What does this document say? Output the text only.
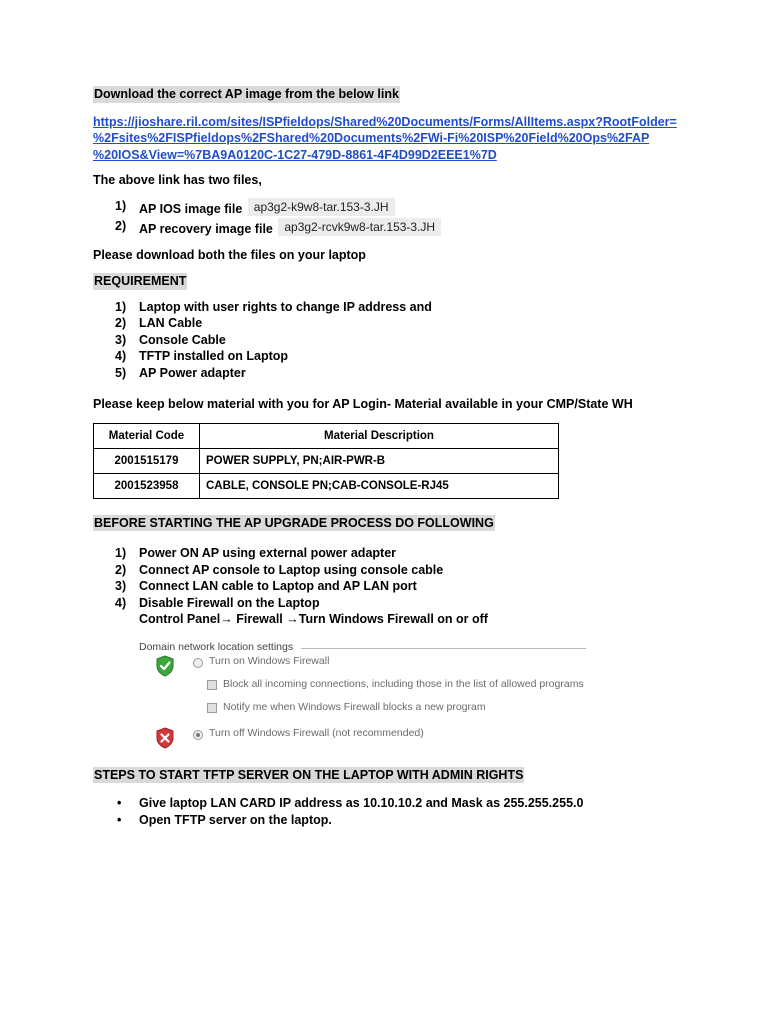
Download the correct AP image from the below link

https://jioshare.ril.com/sites/ISPfieldops/Shared%20Documents/Forms/AllItems.aspx?RootFolder=
%2Fsites%2FISPfieldops%2FShared%20Documents%2FWi-Fi%20ISP%20Field%20Ops%2FAP
%20IOS&View=%7BA9A0120C-1C27-479D-8861-4F4D99D2EEE1%7D

The above link has two files,

1) AP IOS image file ap3g2-k9w8-tar.153-3.JH
2) AP recovery image file ap3g2-rcvk9w8-tar.153-3.JH

Please download both the files on your laptop

REQUIREMENT

1) Laptop with user rights to change IP address and
2) LAN Cable
3) Console Cable
4) TFTP installed on Laptop
5) AP Power adapter

Please keep below material with you for AP Login- Material available in your CMP/State WH

Material Code	Material Description
2001515179	POWER SUPPLY, PN;AIR-PWR-B
2001523958	CABLE, CONSOLE PN;CAB-CONSOLE-RJ45

BEFORE STARTING THE AP UPGRADE PROCESS DO FOLLOWING

1) Power ON AP using external power adapter
2) Connect AP console to Laptop using console cable
3) Connect LAN cable to Laptop and AP LAN port
4) Disable Firewall on the Laptop
Control Panel→ Firewall →Turn Windows Firewall on or off
Domain network location settings
Turn on Windows Firewall
Block all incoming connections, including those in the list of allowed programs
Notify me when Windows Firewall blocks a new program
Turn off Windows Firewall (not recommended)

STEPS TO START TFTP SERVER ON THE LAPTOP WITH ADMIN RIGHTS

• Give laptop LAN CARD IP address as 10.10.10.2 and Mask as 255.255.255.0
• Open TFTP server on the laptop.
